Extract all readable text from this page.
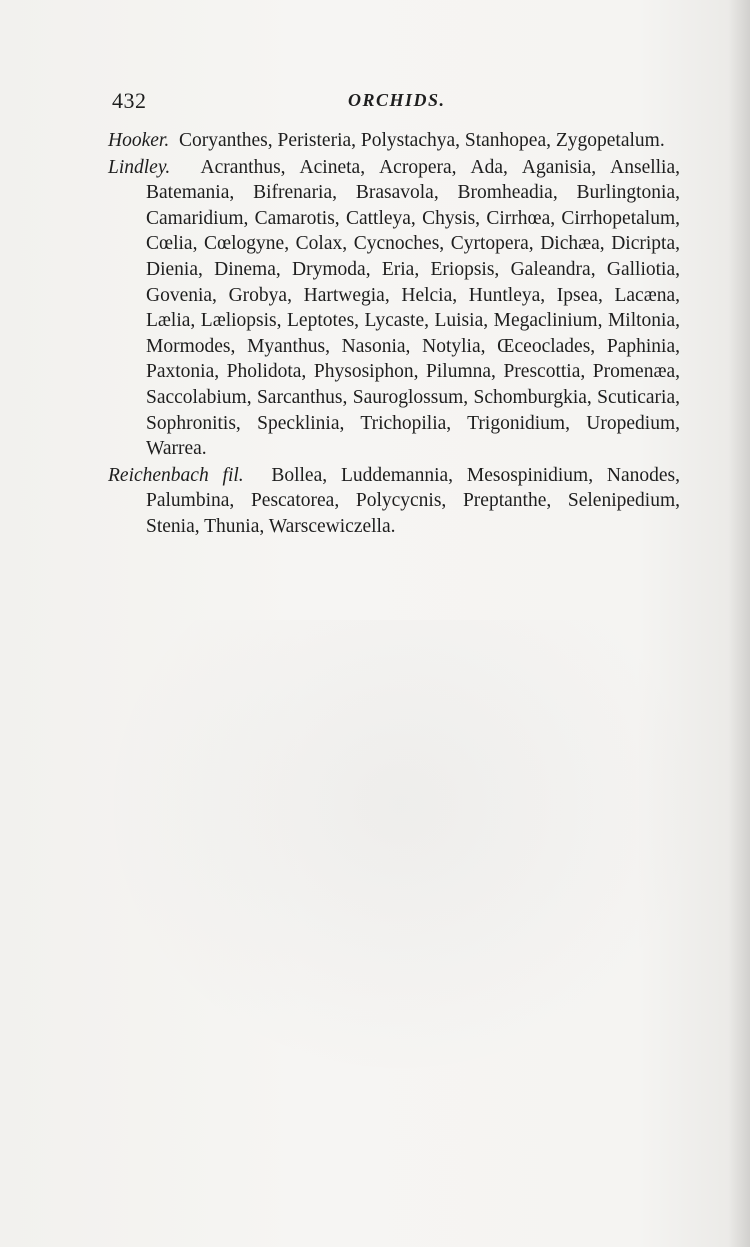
432	ORCHIDS.

Hooker. Coryanthes, Peristeria, Polystachya, Stanhopea, Zygopetalum.

Lindley. Acranthus, Acineta, Acropera, Ada, Aganisia, Ansellia, Batemania, Bifrenaria, Brasavola, Bromheadia, Burlingtonia, Camaridium, Camarotis, Cattleya, Chysis, Cirrhœa, Cirrhopetalum, Cœlia, Cœlogyne, Colax, Cycnoches, Cyrtopera, Dichæa, Dicripta, Dienia, Dinema, Drymoda, Eria, Eriopsis, Galeandra, Galliotia, Govenia, Grobya, Hartwegia, Helcia, Huntleya, Ipsea, Lacæna, Lælia, Læliopsis, Leptotes, Lycaste, Luisia, Megaclinium, Miltonia, Mormodes, Myanthus, Nasonia, Notylia, Œceoclades, Paphinia, Paxtonia, Pholidota, Physosiphon, Pilumna, Prescottia, Promenæa, Saccolabium, Sarcanthus, Sauroglossum, Schomburgkia, Scuticaria, Sophronitis, Specklinia, Trichopilia, Trigonidium, Uropedium, Warrea.

Reichenbach fil. Bollea, Luddemannia, Mesospinidium, Nanodes, Palumbina, Pescatorea, Polycycnis, Preptanthe, Selenipedium, Stenia, Thunia, Warscewiczella.
